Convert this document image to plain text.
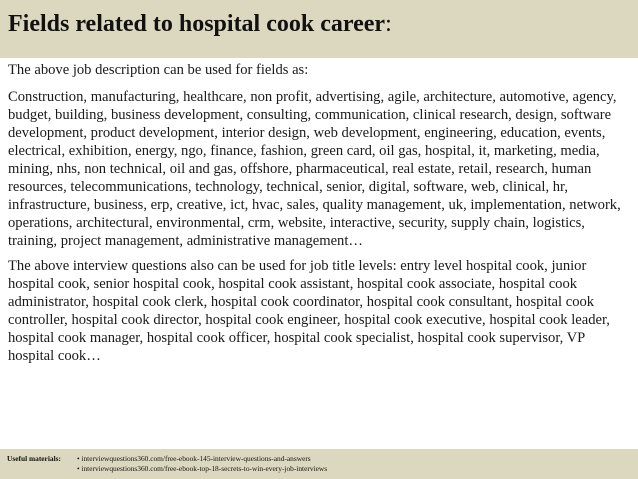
Fields related to hospital cook career:

The above job description can be used for fields as:

Construction, manufacturing, healthcare, non profit, advertising, agile, architecture, automotive, agency, budget, building, business development, consulting, communication, clinical research, design, software development, product development, interior design, web development, engineering, education, events, electrical, exhibition, energy, ngo, finance, fashion, green card, oil gas, hospital, it, marketing, media, mining, nhs, non technical, oil and gas, offshore, pharmaceutical, real estate, retail, research, human resources, telecommunications, technology, technical, senior, digital, software, web, clinical, hr, infrastructure, business, erp, creative, ict, hvac, sales, quality management, uk, implementation, network, operations, architectural, environmental, crm, website, interactive, security, supply chain, logistics, training, project management, administrative management…

The above interview questions also can be used for job title levels: entry level hospital cook, junior hospital cook, senior hospital cook, hospital cook assistant, hospital cook associate, hospital cook administrator, hospital cook clerk, hospital cook coordinator, hospital cook consultant, hospital cook controller, hospital cook director, hospital cook engineer, hospital cook executive, hospital cook leader, hospital cook manager, hospital cook officer, hospital cook specialist, hospital cook supervisor, VP hospital cook…

Useful materials: • interviewquestions360.com/free-ebook-145-interview-questions-and-answers
• interviewquestions360.com/free-ebook-top-18-secrets-to-win-every-job-interviews
